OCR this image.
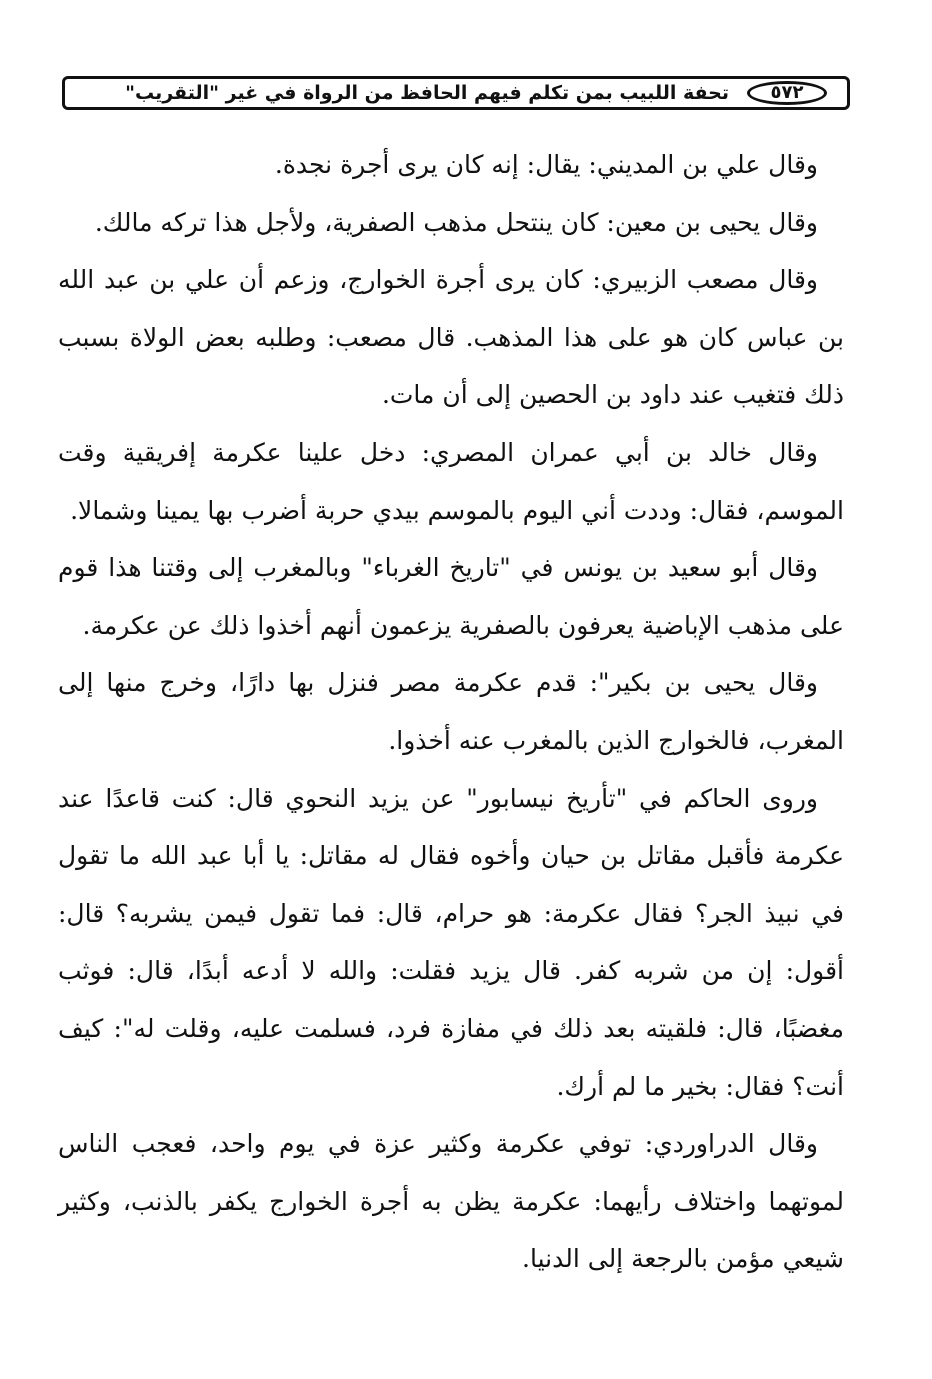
٥٧٢
تحفة اللبيب بمن تكلم فيهم الحافظ من الرواة في غير "التقريب"

وقال علي بن المديني: يقال: إنه كان يرى أجرة نجدة.

وقال يحيى بن معين: كان ينتحل مذهب الصفرية، ولأجل هذا تركه مالك.

وقال مصعب الزبيري: كان يرى أجرة الخوارج، وزعم أن علي بن عبد الله بن عباس كان هو على هذا المذهب. قال مصعب: وطلبه بعض الولاة بسبب ذلك فتغيب عند داود بن الحصين إلى أن مات.

وقال خالد بن أبي عمران المصري: دخل علينا عكرمة إفريقية وقت الموسم، فقال: وددت أني اليوم بالموسم بيدي حربة أضرب بها يمينا وشمالا.

وقال أبو سعيد بن يونس في "تاريخ الغرباء" وبالمغرب إلى وقتنا هذا قوم على مذهب الإباضية يعرفون بالصفرية يزعمون أنهم أخذوا ذلك عن عكرمة.

وقال يحيى بن بكير": قدم عكرمة مصر فنزل بها دارًا، وخرج منها إلى المغرب، فالخوارج الذين بالمغرب عنه أخذوا.

وروى الحاكم في "تأريخ نيسابور" عن يزيد النحوي قال: كنت قاعدًا عند عكرمة فأقبل مقاتل بن حيان وأخوه فقال له مقاتل: يا أبا عبد الله ما تقول في نبيذ الجر؟ فقال عكرمة: هو حرام، قال: فما تقول فيمن يشربه؟ قال: أقول: إن من شربه كفر. قال يزيد فقلت: والله لا أدعه أبدًا، قال: فوثب مغضبًا، قال: فلقيته بعد ذلك في مفازة فرد، فسلمت عليه، وقلت له": كيف أنت؟ فقال: بخير ما لم أرك.

وقال الدراوردي: توفي عكرمة وكثير عزة في يوم واحد، فعجب الناس لموتهما واختلاف رأيهما: عكرمة يظن به أجرة الخوارج يكفر بالذنب، وكثير شيعي مؤمن بالرجعة إلى الدنيا.
